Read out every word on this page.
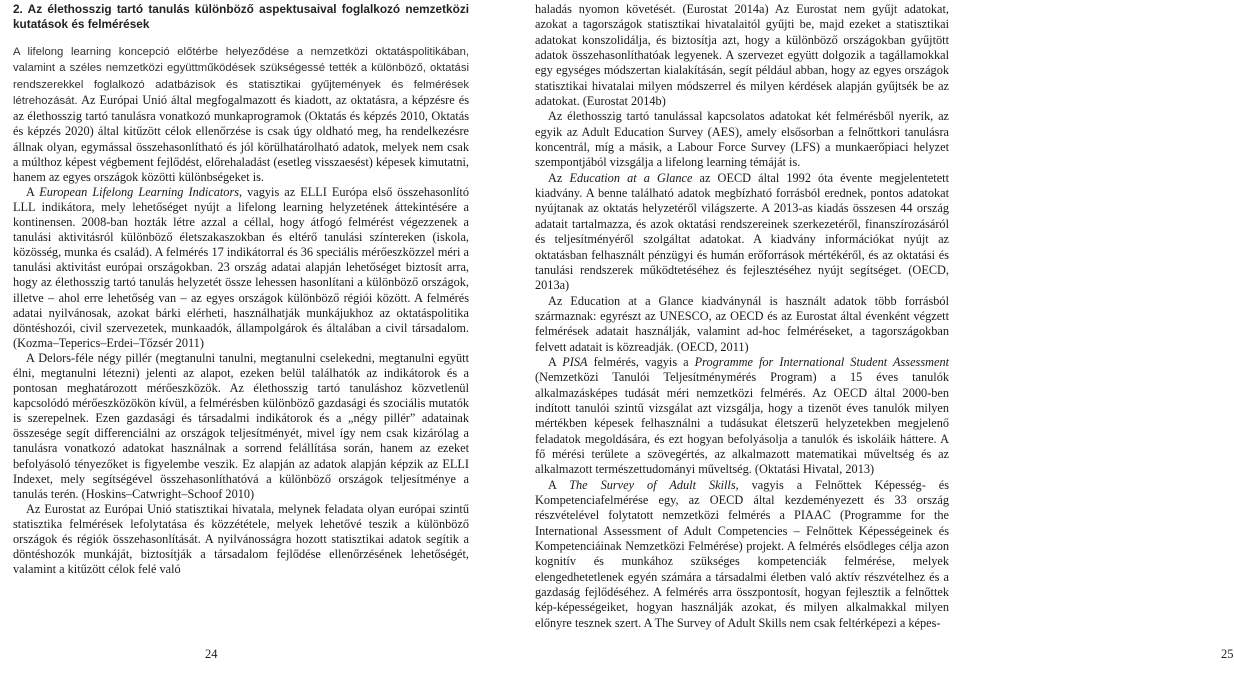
2. Az élethosszig tartó tanulás különböző aspektusaival foglalkozó nemzetközi kutatások és felmérések

A lifelong learning koncepció előtérbe helyeződése a nemzetközi oktatáspolitikában, valamint a széles nemzetközi együttműködések szükségessé tették a különböző, oktatási rendszerekkel foglalkozó adatbázisok és statisztikai gyűjtemények és felmérések létrehozását. Az Európai Unió által megfogalmazott és kiadott, az oktatásra, a képzésre és az élethosszig tartó tanulásra vonatkozó munkaprogramok (Oktatás és képzés 2010, Oktatás és képzés 2020) által kitűzött célok ellenőrzése is csak úgy oldható meg, ha rendelkezésre állnak olyan, egymással összehasonlítható és jól körülhatárolható adatok, melyek nem csak a múlthoz képest végbement fejlődést, előrehaladást (esetleg visszaesést) képesek kimutatni, hanem az egyes országok közötti különbségeket is.

A European Lifelong Learning Indicators, vagyis az ELLI Európa első összehasonlító LLL indikátora, mely lehetőséget nyújt a lifelong learning helyzetének áttekintésére a kontinensen. 2008-ban hozták létre azzal a céllal, hogy átfogó felmérést végezzenek a tanulási aktivitásról különböző életszakaszokban és eltérő tanulási színtereken (iskola, közösség, munka és család). A felmérés 17 indikátorral és 36 speciális mérőeszközzel méri a tanulási aktivitást európai országokban. 23 ország adatai alapján lehetőséget biztosít arra, hogy az élethosszig tartó tanulás helyzetét össze lehessen hasonlítani a különböző országok, illetve – ahol erre lehetőség van – az egyes országok különböző régiói között. A felmérés adatai nyilvánosak, azokat bárki elérheti, használhatják munkájukhoz az oktatáspolitika döntéshozói, civil szervezetek, munkaadók, állampolgárok és általában a civil társadalom. (Kozma–Teperics–Erdei–Tőzsér 2011)

A Delors-féle négy pillér (megtanulni tanulni, megtanulni cselekedni, megtanulni együtt élni, megtanulni létezni) jelenti az alapot, ezeken belül találhatók az indikátorok és a pontosan meghatározott mérőeszközök. Az élethosszig tartó tanuláshoz közvetlenül kapcsolódó mérőeszközökön kívül, a felmérésben különböző gazdasági és szociális mutatók is szerepelnek. Ezen gazdasági és társadalmi indikátorok és a „négy pillér” adatainak összesége segít differenciálni az országok teljesítményét, mivel így nem csak kizárólag a tanulásra vonatkozó adatokat használnak a sorrend felállítása során, hanem az ezeket befolyásoló tényezőket is figyelembe veszik. Ez alapján az adatok alapján képzik az ELLI Indexet, mely segítségével összehasonlíthatóvá a különböző országok teljesítménye a tanulás terén. (Hoskins–Catwright–Schoof 2010)

Az Eurostat az Európai Unió statisztikai hivatala, melynek feladata olyan európai szintű statisztika felmérések lefolytatása és közzététele, melyek lehetővé teszik a különböző országok és régiók összehasonlítását. A nyilvánosságra hozott statisztikai adatok segítik a döntéshozók munkáját, biztosítják a társadalom fejlődése ellenőrzésének lehetőségét, valamint a kitűzött célok felé való

24

haladás nyomon követését. (Eurostat 2014a) Az Eurostat nem gyűjt adatokat, azokat a tagországok statisztikai hivatalaitól gyűjti be, majd ezeket a statisztikai adatokat konszolidálja, és biztosítja azt, hogy a különböző országokban gyűjtött adatok összehasonlíthatóak legyenek. A szervezet együtt dolgozik a tagállamokkal egy egységes módszertan kialakításán, segít például abban, hogy az egyes országok statisztikai hivatalai milyen módszerrel és milyen kérdések alapján gyűjtsék be az adatokat. (Eurostat 2014b)

Az élethosszig tartó tanulással kapcsolatos adatokat két felmérésből nyerik, az egyik az Adult Education Survey (AES), amely elsősorban a felnőttkori tanulásra koncentrál, míg a másik, a Labour Force Survey (LFS) a munkaerőpiaci helyzet szempontjából vizsgálja a lifelong learning témáját is.

Az Education at a Glance az OECD által 1992 óta évente megjelentetett kiadvány. A benne található adatok megbízható forrásból erednek, pontos adatokat nyújtanak az oktatás helyzetéről világszerte. A 2013-as kiadás összesen 44 ország adatait tartalmazza, és azok oktatási rendszereinek szerkezetéről, finanszírozásáról és teljesítményéről szolgáltat adatokat. A kiadvány információkat nyújt az oktatásban felhasznált pénzügyi és humán erőforrások mértékéről, és az oktatási és tanulási rendszerek működtetéséhez és fejlesztéséhez nyújt segítséget. (OECD, 2013a)

Az Education at a Glance kiadványnál is használt adatok több forrásból származnak: egyrészt az UNESCO, az OECD és az Eurostat által évenként végzett felmérések adatait használják, valamint ad-hoc felméréseket, a tagországokban felvett adatait is közreadják. (OECD, 2011)

A PISA felmérés, vagyis a Programme for International Student Assessment (Nemzetközi Tanulói Teljesítménymérés Program) a 15 éves tanulók alkalmazásképes tudását méri nemzetközi felmérés. Az OECD által 2000-ben indított tanulói szintű vizsgálat azt vizsgálja, hogy a tizenöt éves tanulók milyen mértékben képesek felhasználni a tudásukat életszerű helyzetekben megjelenő feladatok megoldására, és ezt hogyan befolyásolja a tanulók és iskoláik háttere. A fő mérési területe a szövegértés, az alkalmazott matematikai műveltség és az alkalmazott természettudományi műveltség. (Oktatási Hivatal, 2013)

A The Survey of Adult Skills, vagyis a Felnőttek Képesség- és Kompetenciafelmérése egy, az OECD által kezdeményezett és 33 ország részvételével folytatott nemzetközi felmérés a PIAAC (Programme for the International Assessment of Adult Competencies – Felnőttek Képességeinek és Kompetenciáinak Nemzetközi Felmérése) projekt. A felmérés elsődleges célja azon kognitív és munkához szükséges kompetenciák felmérése, melyek elengedhetetlenek egyén számára a társadalmi életben való aktív részvételhez és a gazdaság fejlődéséhez. A felmérés arra összpontosít, hogyan fejlesztik a felnőttek kép-képességeiket, hogyan használják azokat, és milyen alkalmakkal milyen előnyre tesznek szert. A The Survey of Adult Skills nem csak feltérképezi a képes-

25
